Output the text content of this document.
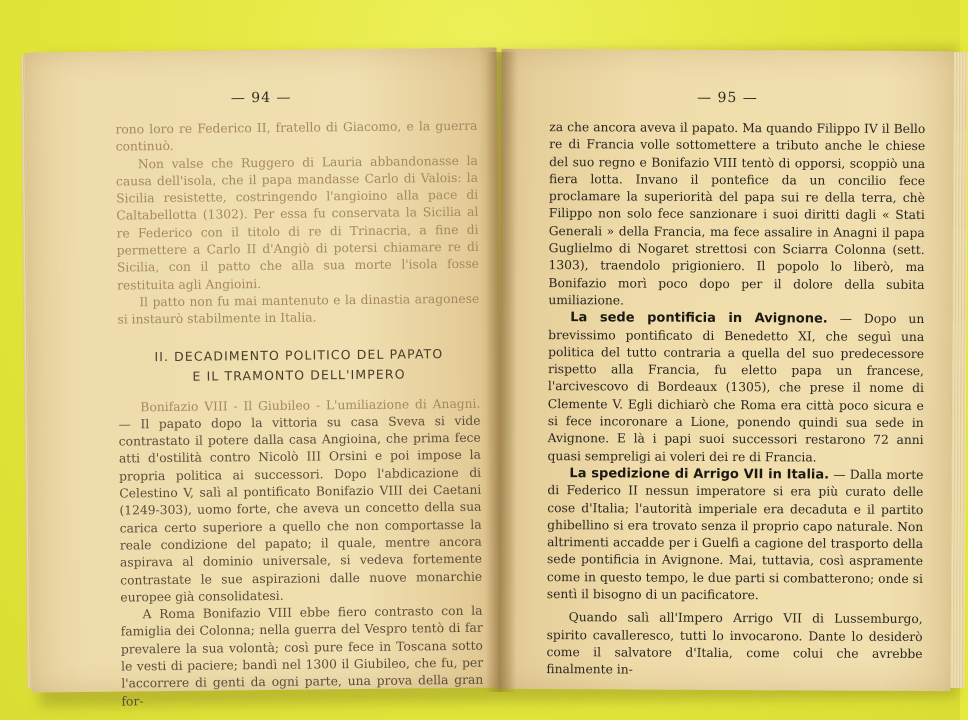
— 94 —

rono loro re Federico II, fratello di Giacomo, e la guerra continuò.

Non valse che Ruggero di Lauria abbandonasse la causa dell'isola, che il papa mandasse Carlo di Valois: la Sicilia resistette, costringendo l'angioino alla pace di Caltabellotta (1302). Per essa fu conservata la Sicilia al re Federico con il titolo di re di Trinacria, a fine di permettere a Carlo II d'Angiò di potersi chiamare re di Sicilia, con il patto che alla sua morte l'isola fosse restituita agli Angioini.

Il patto non fu mai mantenuto e la dinastia aragonese si instaurò stabilmente in Italia.

II. DECADIMENTO POLITICO DEL PAPATO
E IL TRAMONTO DELL'IMPERO

Bonifazio VIII - Il Giubileo - L'umiliazione di Anagni. — Il papato dopo la vittoria su casa Sveva si vide contrastato il potere dalla casa Angioina, che prima fece atti d'ostilità contro Nicolò III Orsini e poi impose la propria politica ai successori. Dopo l'abdicazione di Celestino V, salì al pontificato Bonifazio VIII dei Caetani (1249-303), uomo forte, che aveva un concetto della sua carica certo superiore a quello che non comportasse la reale condizione del papato; il quale, mentre ancora aspirava al dominio universale, si vedeva fortemente contrastate le sue aspirazioni dalle nuove monarchie europee già consolidatesi.

A Roma Bonifazio VIII ebbe fiero contrasto con la famiglia dei Colonna; nella guerra del Vespro tentò di far prevalere la sua volontà; così pure fece in Toscana sotto le vesti di paciere; bandì nel 1300 il Giubileo, che fu, per l'accorrere di genti da ogni parte, una prova della gran for-

— 95 —

za che ancora aveva il papato. Ma quando Filippo IV il Bello re di Francia volle sottomettere a tributo anche le chiese del suo regno e Bonifazio VIII tentò di opporsi, scoppiò una fiera lotta. Invano il pontefice da un concilio fece proclamare la superiorità del papa sui re della terra, chè Filippo non solo fece sanzionare i suoi diritti dagli « Stati Generali » della Francia, ma fece assalire in Anagni il papa Guglielmo di Nogaret strettosi con Sciarra Colonna (sett. 1303), traendolo prigioniero. Il popolo lo liberò, ma Bonifazio morì poco dopo per il dolore della subita umiliazione.

La sede pontificia in Avignone. — Dopo un brevissimo pontificato di Benedetto XI, che seguì una politica del tutto contraria a quella del suo predecessore rispetto alla Francia, fu eletto papa un francese, l'arcivescovo di Bordeaux (1305), che prese il nome di Clemente V. Egli dichiarò che Roma era città poco sicura e si fece incoronare a Lione, ponendo quindi sua sede in Avignone. E là i papi suoi successori restarono 72 anni quasi sempreligi ai voleri dei re di Francia.

La spedizione di Arrigo VII in Italia. — Dalla morte di Federico II nessun imperatore si era più curato delle cose d'Italia; l'autorità imperiale era decaduta e il partito ghibellino si era trovato senza il proprio capo naturale. Non altrimenti accadde per i Guelfi a cagione del trasporto della sede pontificia in Avignone. Mai, tuttavia, così aspramente come in questo tempo, le due parti si combatterono; onde si sentì il bisogno di un pacificatore.

Quando salì all'Impero Arrigo VII di Lussemburgo, spirito cavalleresco, tutti lo invocarono. Dante lo desiderò come il salvatore d'Italia, come colui che avrebbe finalmente in-
